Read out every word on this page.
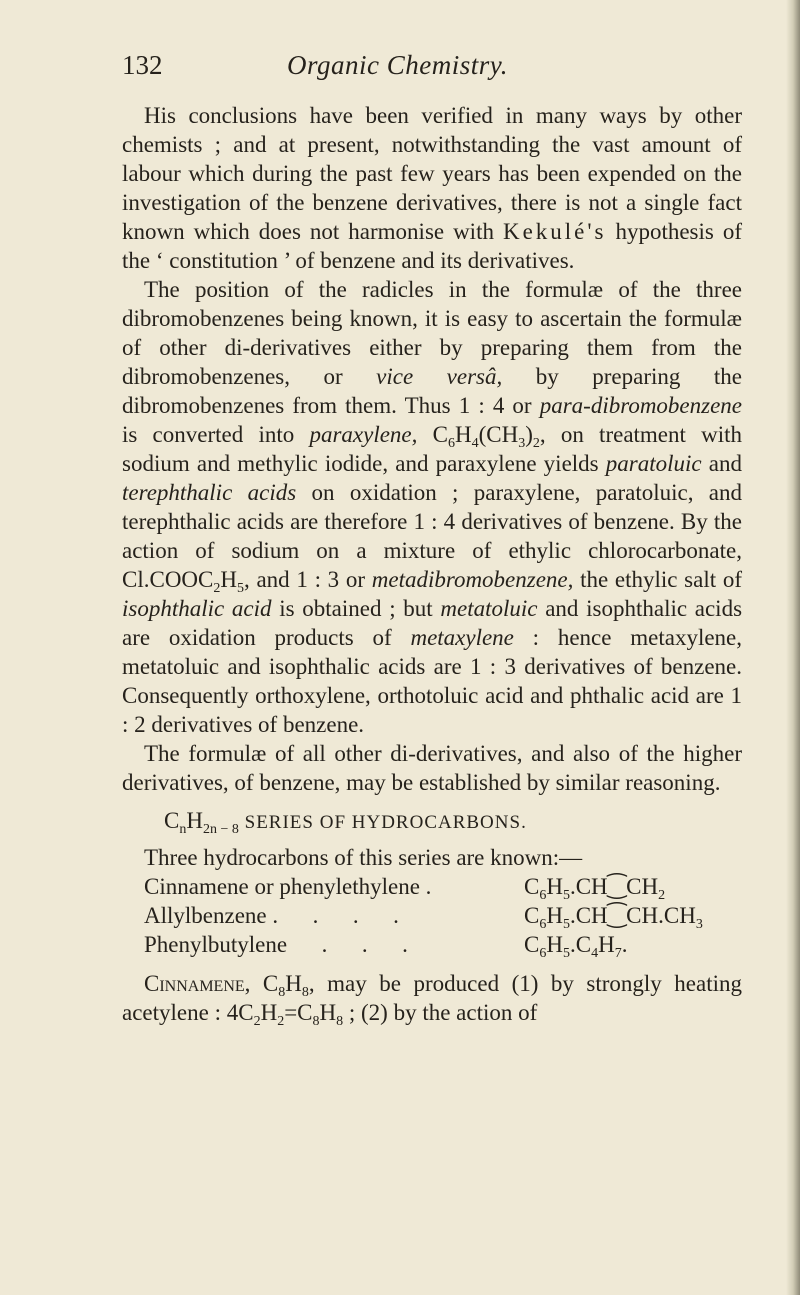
132	Organic Chemistry.

His conclusions have been verified in many ways by other chemists ; and at present, notwithstanding the vast amount of labour which during the past few years has been expended on the investigation of the benzene derivatives, there is not a single fact known which does not harmonise with Kekulé's hypothesis of the ‘ constitution ’ of benzene and its derivatives.

The position of the radicles in the formulæ of the three dibromobenzenes being known, it is easy to ascertain the formulæ of other di-derivatives either by preparing them from the dibromobenzenes, or vice versâ, by preparing the dibromobenzenes from them. Thus 1 : 4 or para-dibromobenzene is converted into paraxylene, $C_6H_4(CH_3)_2$, on treatment with sodium and methylic iodide, and paraxylene yields paratoluic and terephthalic acids on oxidation ; paraxylene, paratoluic, and terephthalic acids are therefore 1 : 4 derivatives of benzene. By the action of sodium on a mixture of ethylic chlorocarbonate, $Cl.COOC_2H_5$, and 1 : 3 or metadibromobenzene, the ethylic salt of isophthalic acid is obtained ; but metatoluic and isophthalic acids are oxidation products of metaxylene : hence metaxylene, metatoluic and isophthalic acids are 1 : 3 derivatives of benzene. Consequently orthoxylene, orthotoluic acid and phthalic acid are 1 : 2 derivatives of benzene.

The formulæ of all other di-derivatives, and also of the higher derivatives, of benzene, may be established by similar reasoning.

$C_nH_{2n - 8}$ SERIES OF HYDROCARBONS.

Three hydrocarbons of this series are known:—

Cinnamene or phenylethylene .	$C_6H_5.CH⁐CH_2$
Allylbenzene .      .      .      .	$C_6H_5.CH⁐CH.CH_3$
Phenylbutylene      .      .      .	$C_6H_5.C_4H_7$.

Cinnamene, $C_8H_8$, may be produced (1) by strongly heating acetylene : $4C_2H_2=C_8H_8$ ; (2) by the action of
